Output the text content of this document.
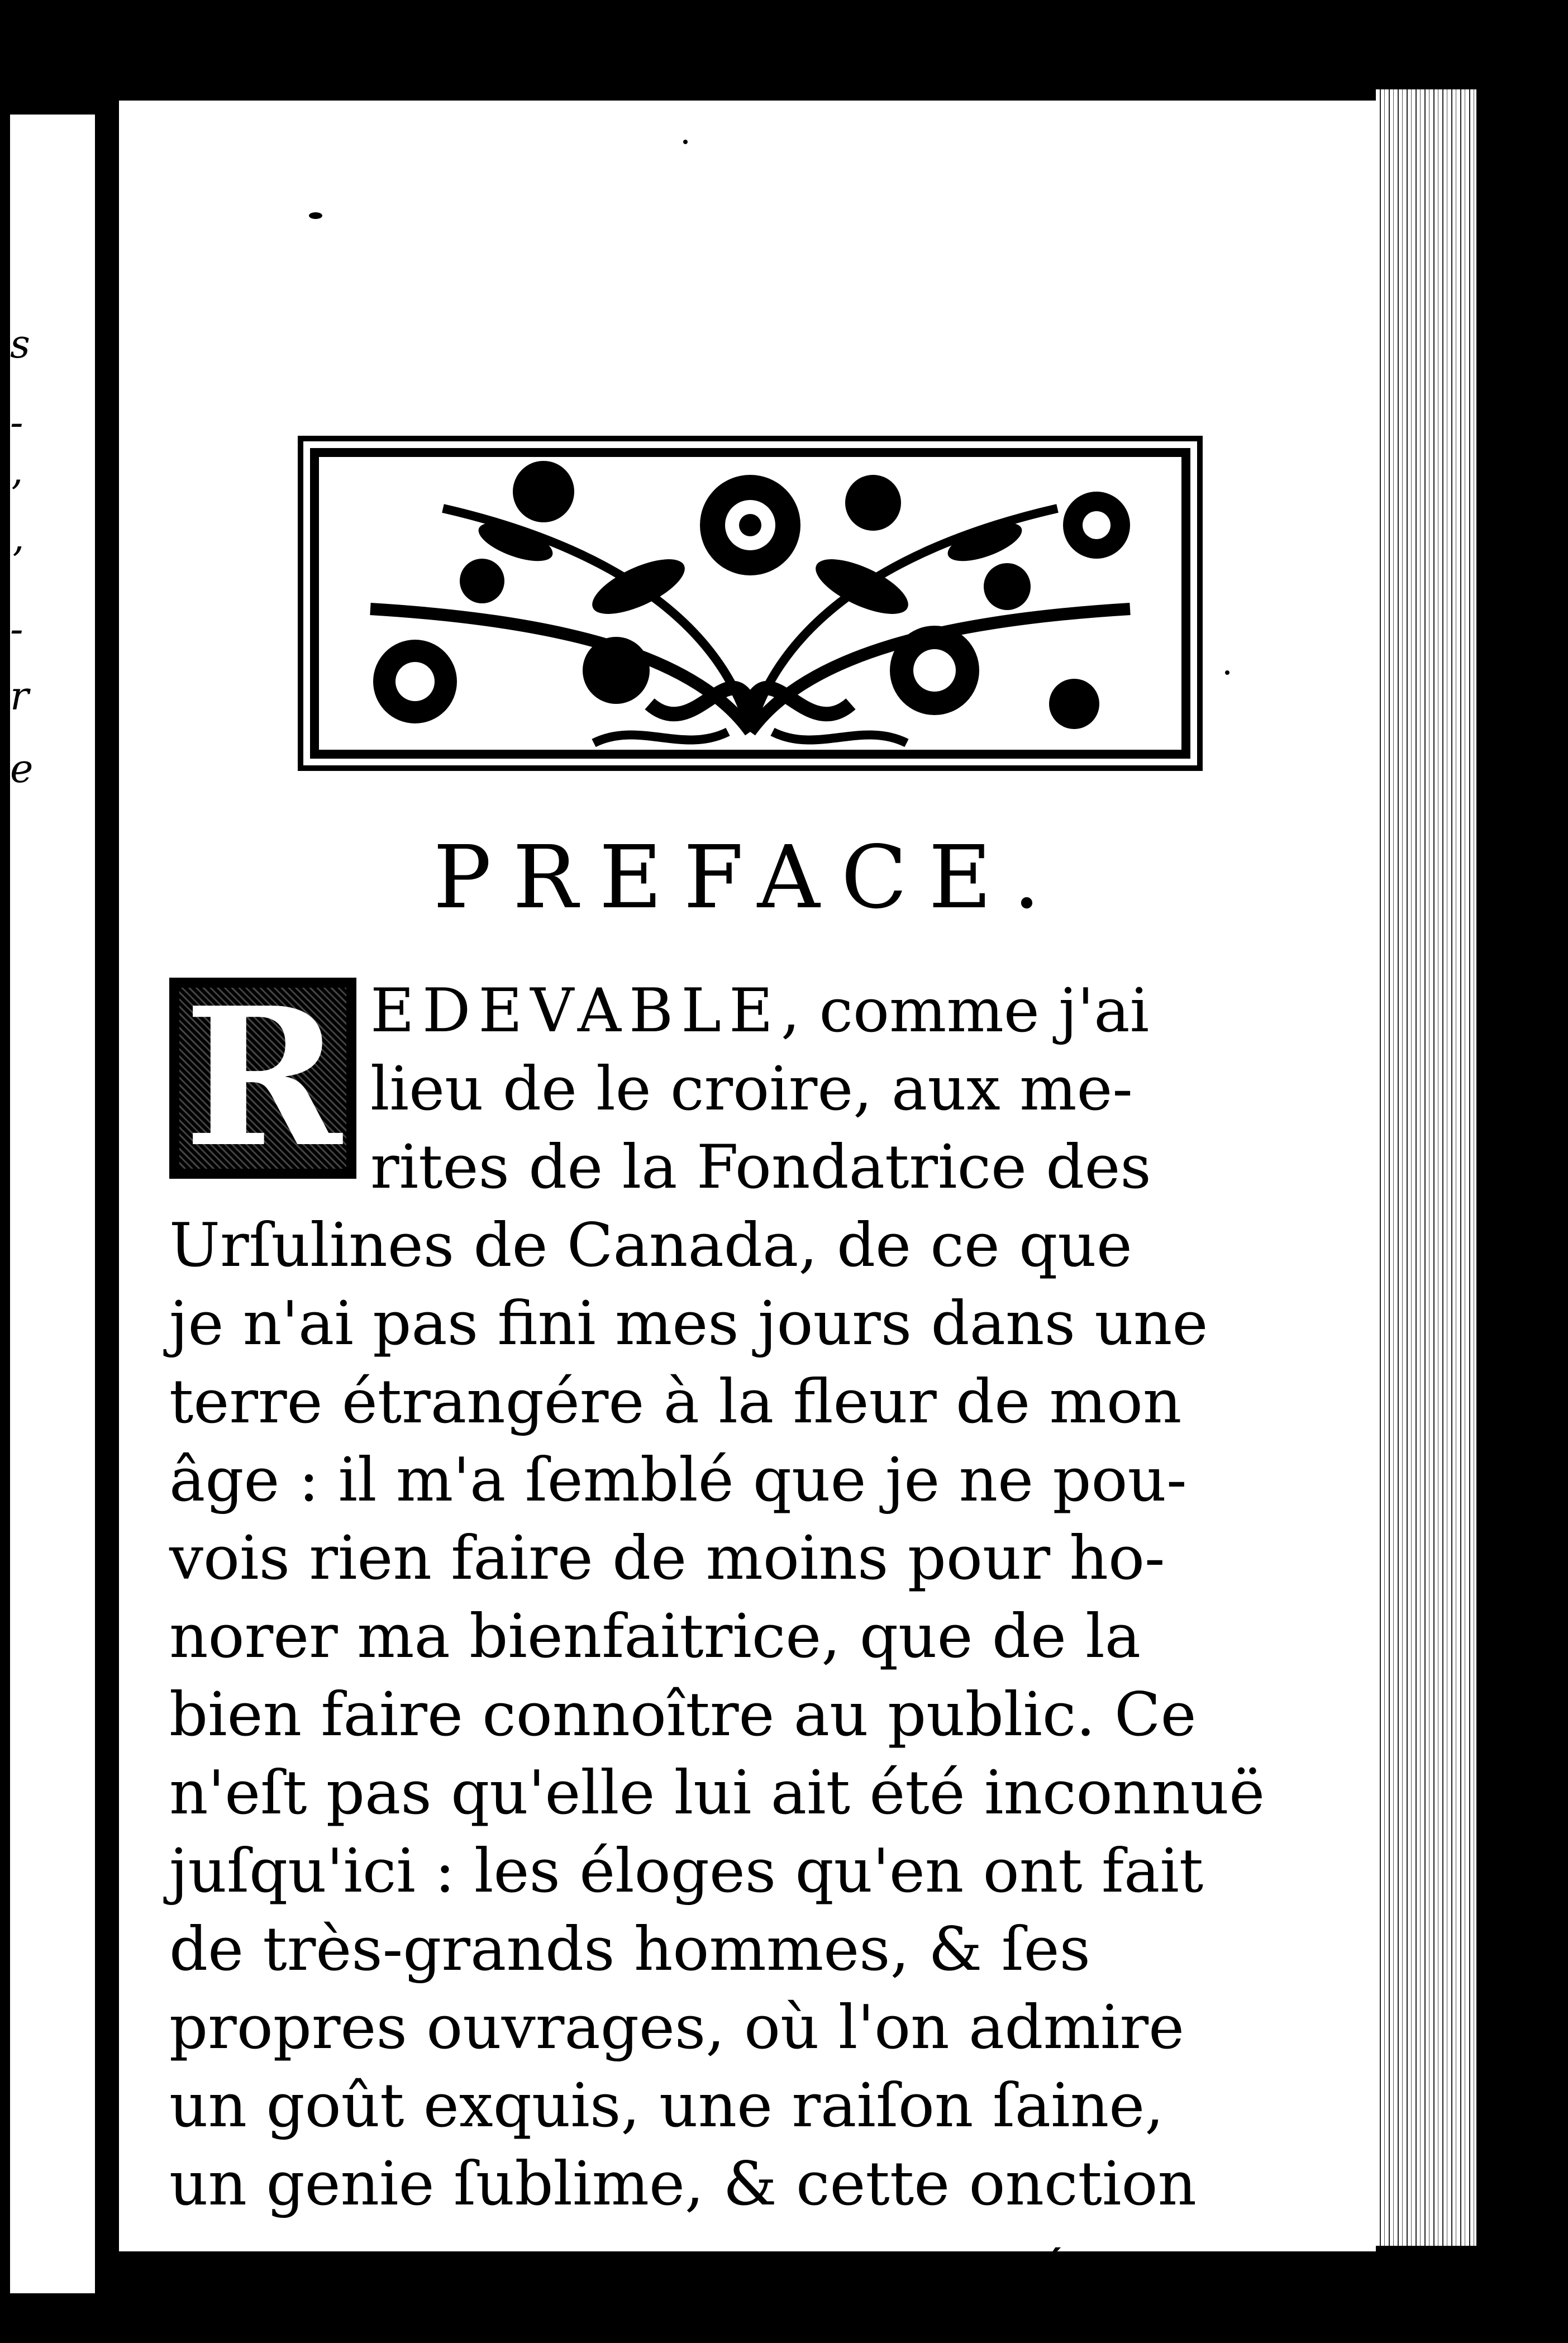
s
-
’
ʼ
-
r
e
PREFACE.
R EDEVABLE, comme j'ai
lieu de le croire, aux me-
rites de la Fondatrice des
Urſulines de Canada, de ce que
je n'ai pas fini mes jours dans une
terre étrangére à la fleur de mon
âge : il m'a ſemblé que je ne pou-
vois rien faire de moins pour ho-
norer ma bienfaitrice, que de la
bien faire connoître au public. Ce
n'eſt pas qu'elle lui ait été inconnuë
juſqu'ici : les éloges qu'en ont fait
de très-grands hommes, & ſes
propres ouvrages, où l'on admire
un goût exquis, une raiſon ſaine,
un genie ſublime, & cette onction
é
